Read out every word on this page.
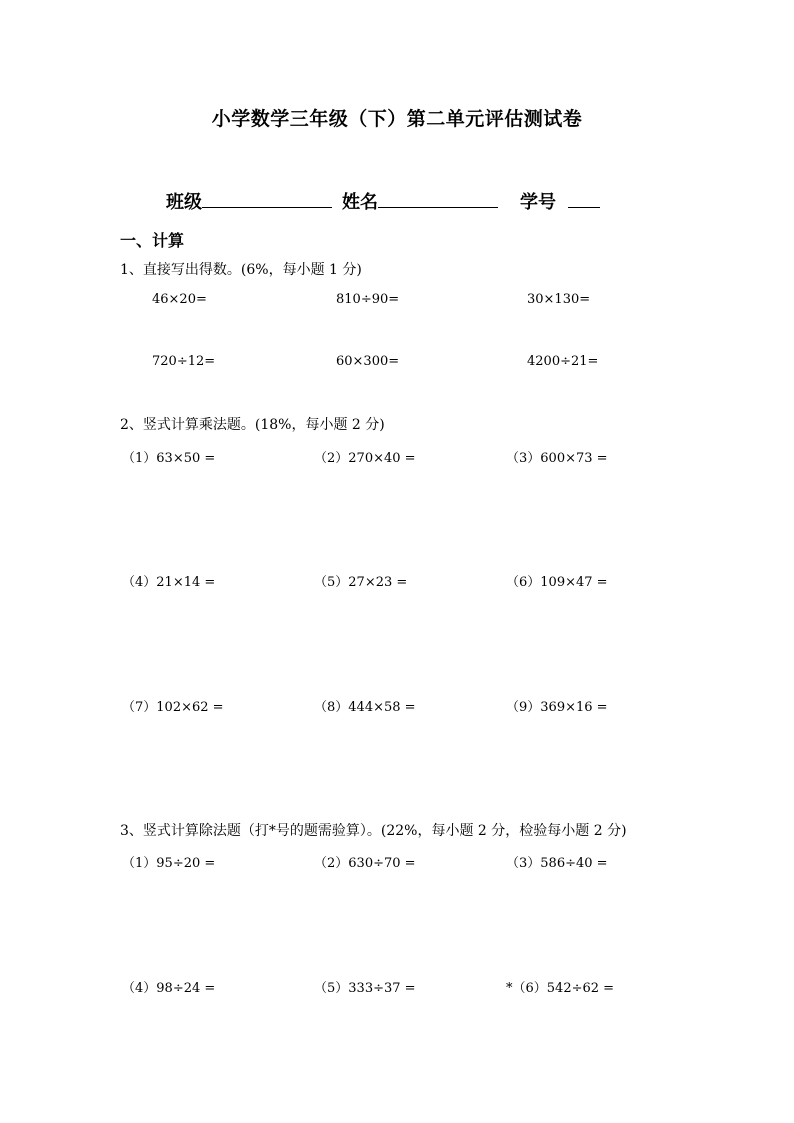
小学数学三年级（下）第二单元评估测试卷
班级	姓名	学号
一、计算
1、直接写出得数。(6%，每小题 1 分)
46×20=	810÷90=	30×130=
720÷12=	60×300=	4200÷21=
2、竖式计算乘法题。(18%，每小题 2 分)
（1）63×50 =	（2）270×40 =	（3）600×73 =
（4）21×14 =	（5）27×23 =	（6）109×47 =
（7）102×62 =	（8）444×58 =	（9）369×16 =
3、竖式计算除法题（打*号的题需验算）。(22%，每小题 2 分，检验每小题 2 分)
（1）95÷20 =	（2）630÷70 =	（3）586÷40 =
（4）98÷24 =	（5）333÷37 =	*（6）542÷62 =
